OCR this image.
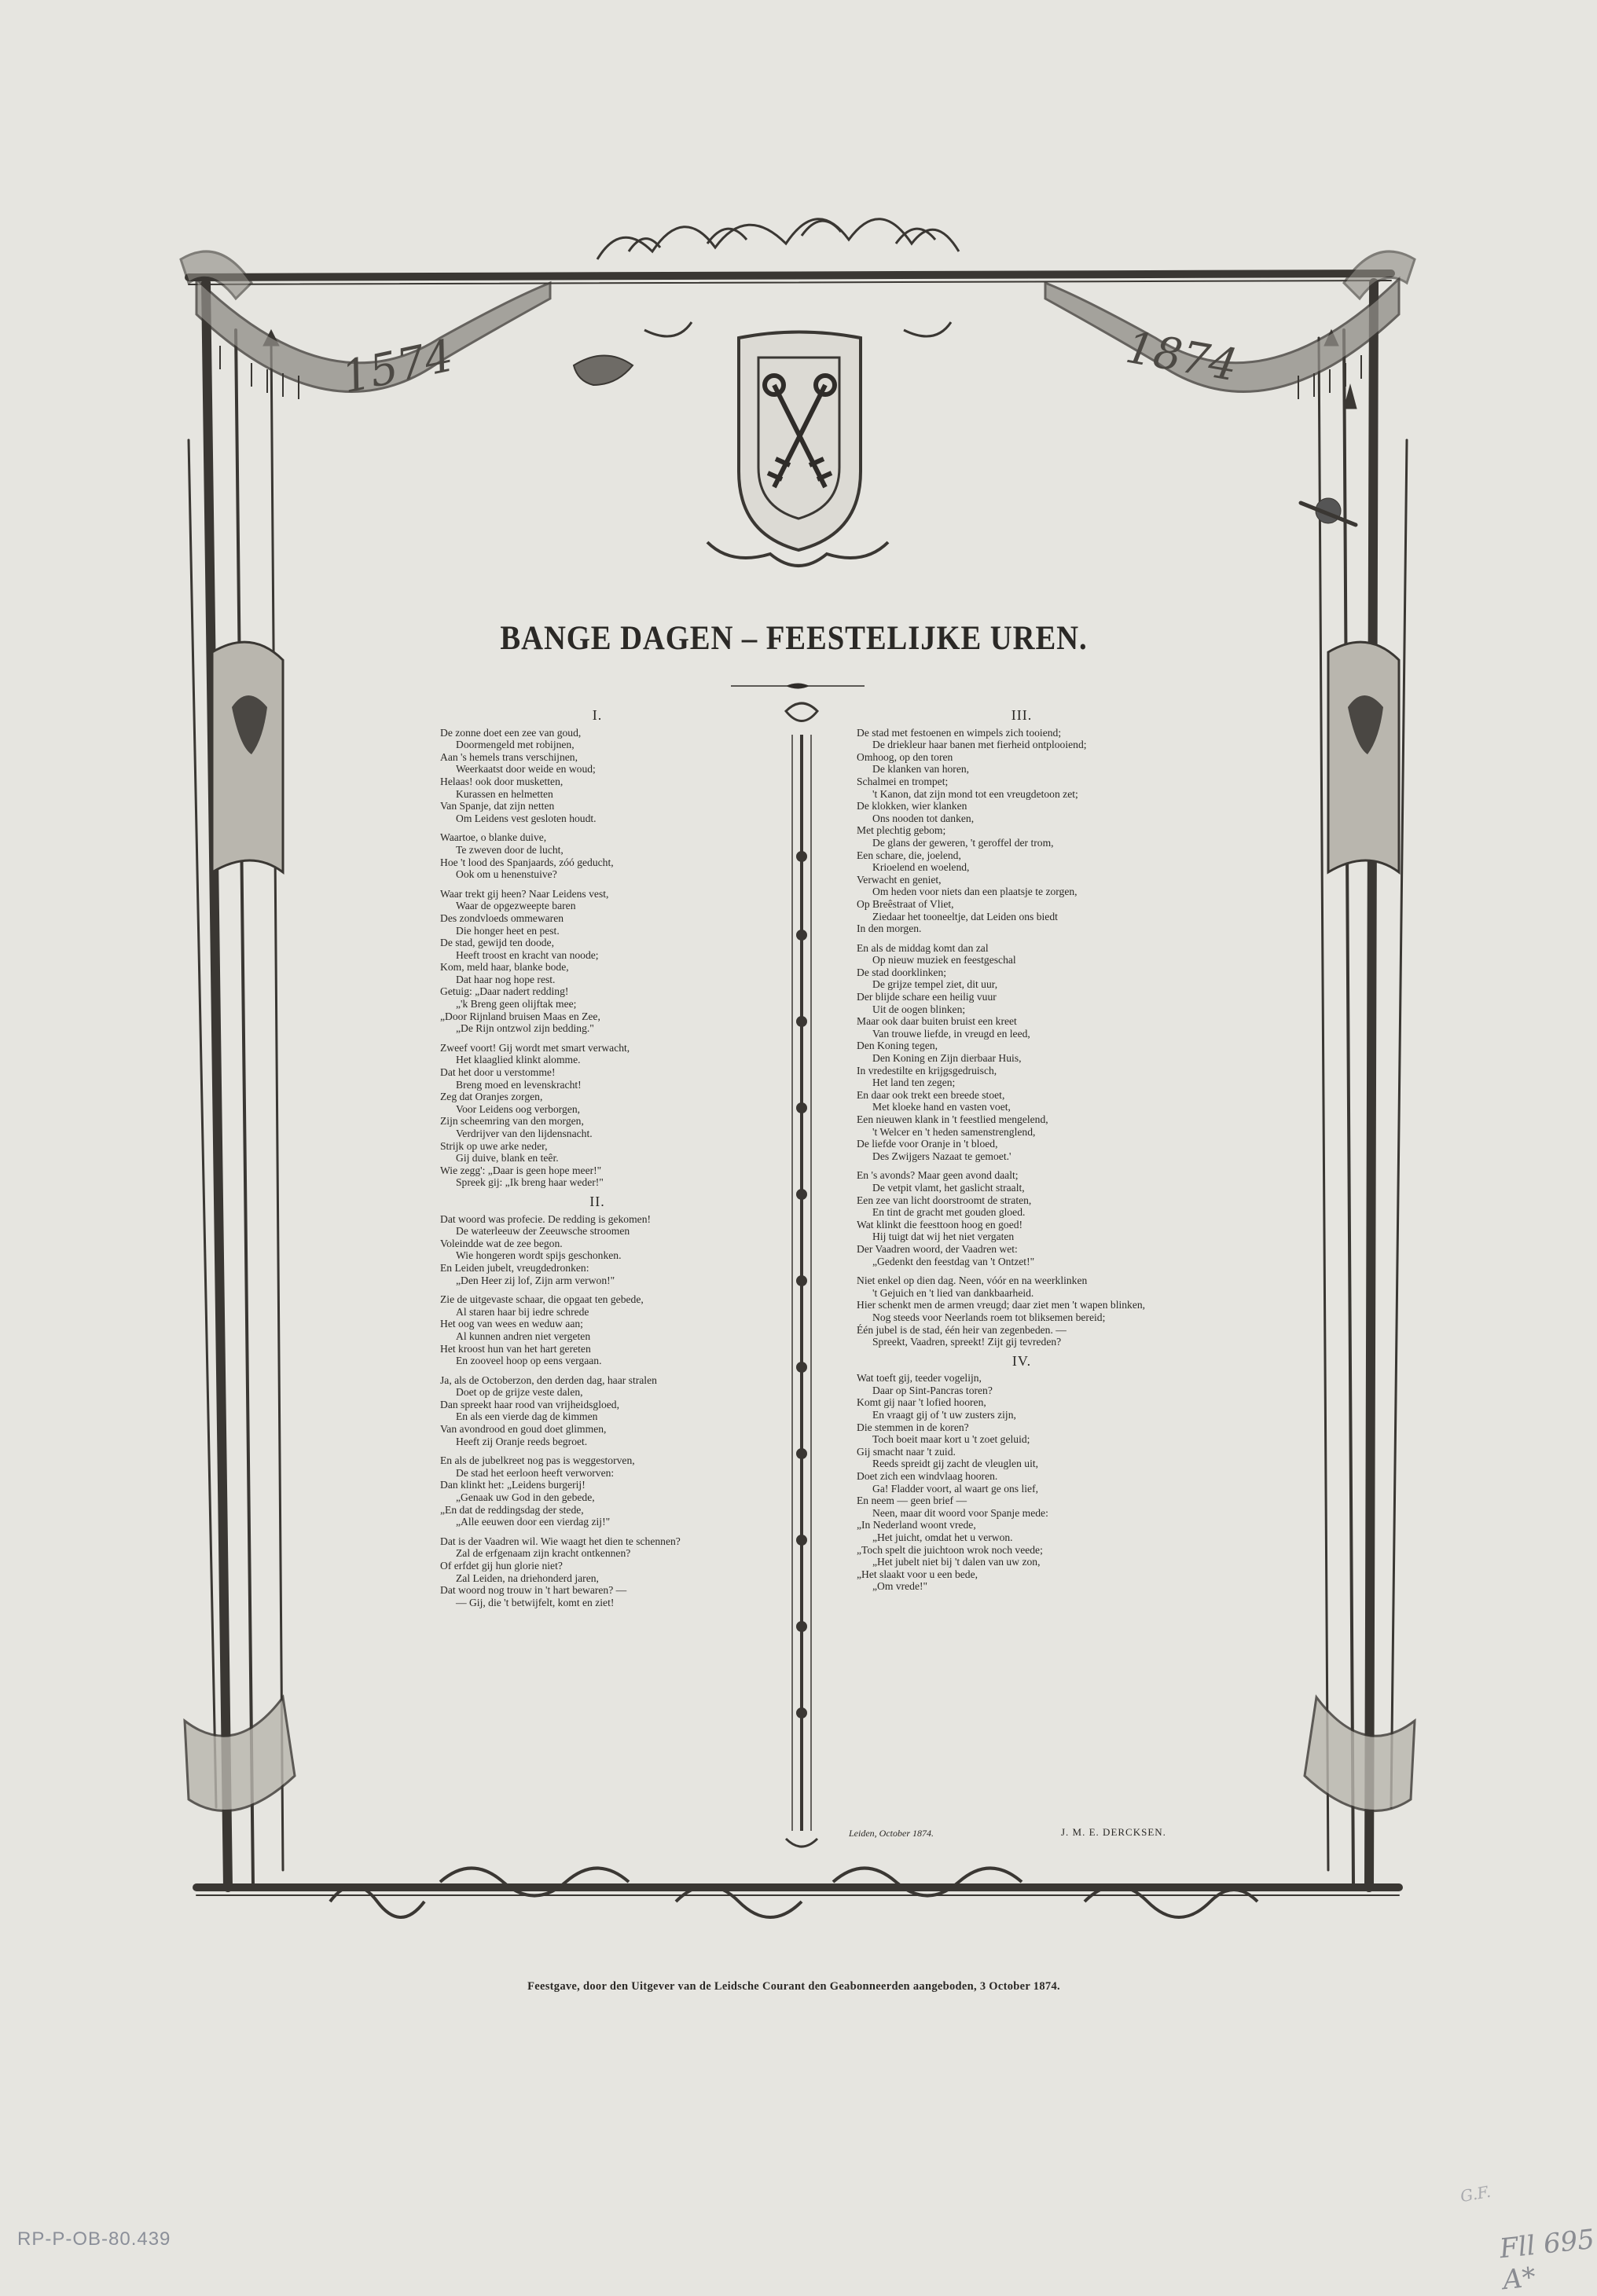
1574	1874
BANGE DAGEN – FEESTELIJKE UREN.
I.
De zonne doet een zee van goud,
Doormengeld met robijnen,
Aan 's hemels trans verschijnen,
Weerkaatst door weide en woud;
Helaas! ook door musketten,
Kurassen en helmetten
Van Spanje, dat zijn netten
Om Leidens vest gesloten houdt.
Waartoe, o blanke duive,
Te zweven door de lucht,
Hoe 't lood des Spanjaards, zóó geducht,
Ook om u henenstuive?
Waar trekt gij heen? Naar Leidens vest,
Waar de opgezweepte baren
Des zondvloeds ommewaren
Die honger heet en pest.
De stad, gewijd ten doode,
Heeft troost en kracht van noode;
Kom, meld haar, blanke bode,
Dat haar nog hope rest.
Getuig: „Daar nadert redding!
„'k Breng geen olijftak mee;
„Door Rijnland bruisen Maas en Zee,
„De Rijn ontzwol zijn bedding."
Zweef voort! Gij wordt met smart verwacht,
Het klaaglied klinkt alomme.
Dat het door u verstomme!
Breng moed en levenskracht!
Zeg dat Oranjes zorgen,
Voor Leidens oog verborgen,
Zijn scheemring van den morgen,
Verdrijver van den lijdensnacht.
Strijk op uwe arke neder,
Gij duive, blank en teêr.
Wie zegg': „Daar is geen hope meer!"
Spreek gij: „Ik breng haar weder!"
II.
Dat woord was profecie. De redding is gekomen!
De waterleeuw der Zeeuwsche stroomen
Voleindde wat de zee begon.
Wie hongeren wordt spijs geschonken.
En Leiden jubelt, vreugdedronken:
„Den Heer zij lof, Zijn arm verwon!"
Zie de uitgevaste schaar, die opgaat ten gebede,
Al staren haar bij iedre schrede
Het oog van wees en weduw aan;
Al kunnen andren niet vergeten
Het kroost hun van het hart gereten
En zooveel hoop op eens vergaan.
Ja, als de Octoberzon, den derden dag, haar stralen
Doet op de grijze veste dalen,
Dan spreekt haar rood van vrijheidsgloed,
En als een vierde dag de kimmen
Van avondrood en goud doet glimmen,
Heeft zij Oranje reeds begroet.
En als de jubelkreet nog pas is weggestorven,
De stad het eerloon heeft verworven:
Dan klinkt het: „Leidens burgerij!
„Genaak uw God in den gebede,
„En dat de reddingsdag der stede,
„Alle eeuwen door een vierdag zij!"
Dat is der Vaadren wil. Wie waagt het dien te schennen?
Zal de erfgenaam zijn kracht ontkennen?
Of erfdet gij hun glorie niet?
Zal Leiden, na driehonderd jaren,
Dat woord nog trouw in 't hart bewaren? —
— Gij, die 't betwijfelt, komt en ziet!
III.
De stad met festoenen en wimpels zich tooiend;
De driekleur haar banen met fierheid ontplooiend;
Omhoog, op den toren
De klanken van horen,
Schalmei en trompet;
't Kanon, dat zijn mond tot een vreugdetoon zet;
De klokken, wier klanken
Ons nooden tot danken,
Met plechtig gebom;
De glans der geweren, 't geroffel der trom,
Een schare, die, joelend,
Krioelend en woelend,
Verwacht en geniet,
Om heden voor niets dan een plaatsje te zorgen,
Op Breêstraat of Vliet,
Ziedaar het tooneeltje, dat Leiden ons biedt
In den morgen.
En als de middag komt dan zal
Op nieuw muziek en feestgeschal
De stad doorklinken;
De grijze tempel ziet, dit uur,
Der blijde schare een heilig vuur
Uit de oogen blinken;
Maar ook daar buiten bruist een kreet
Van trouwe liefde, in vreugd en leed,
Den Koning tegen,
Den Koning en Zijn dierbaar Huis,
In vredestilte en krijgsgedruisch,
Het land ten zegen;
En daar ook trekt een breede stoet,
Met kloeke hand en vasten voet,
Een nieuwen klank in 't feestlied mengelend,
't Welcer en 't heden samenstrenglend,
De liefde voor Oranje in 't bloed,
Des Zwijgers Nazaat te gemoet.'
En 's avonds? Maar geen avond daalt;
De vetpit vlamt, het gaslicht straalt,
Een zee van licht doorstroomt de straten,
En tint de gracht met gouden gloed.
Wat klinkt die feesttoon hoog en goed!
Hij tuigt dat wij het niet vergaten
Der Vaadren woord, der Vaadren wet:
„Gedenkt den feestdag van 't Ontzet!"
Niet enkel op dien dag. Neen, vóór en na weerklinken
't Gejuich en 't lied van dankbaarheid.
Hier schenkt men de armen vreugd; daar ziet men 't wapen blinken,
Nog steeds voor Neerlands roem tot bliksemen bereid;
Één jubel is de stad, één heir van zegenbeden. —
Spreekt, Vaadren, spreekt! Zijt gij tevreden?
IV.
Wat toeft gij, teeder vogelijn,
Daar op Sint-Pancras toren?
Komt gij naar 't lofied hooren,
En vraagt gij of 't uw zusters zijn,
Die stemmen in de koren?
Toch boeit maar kort u 't zoet geluid;
Gij smacht naar 't zuid.
Reeds spreidt gij zacht de vleuglen uit,
Doet zich een windvlaag hooren.
Ga! Fladder voort, al waart ge ons lief,
En neem — geen brief —
Neen, maar dit woord voor Spanje mede:
„In Nederland woont vrede,
„Het juicht, omdat het u verwon.
„Toch spelt die juichtoon wrok noch veede;
„Het jubelt niet bij 't dalen van uw zon,
„Het slaakt voor u een bede,
„Om vrede!"
Leiden, October 1874.	J. M. E. DERCKSEN.
Feestgave, door den Uitgever van de Leidsche Courant den Geabonneerden aangeboden, 3 October 1874.
RP-P-OB-80.439
G.F.
Fll 695 A*
